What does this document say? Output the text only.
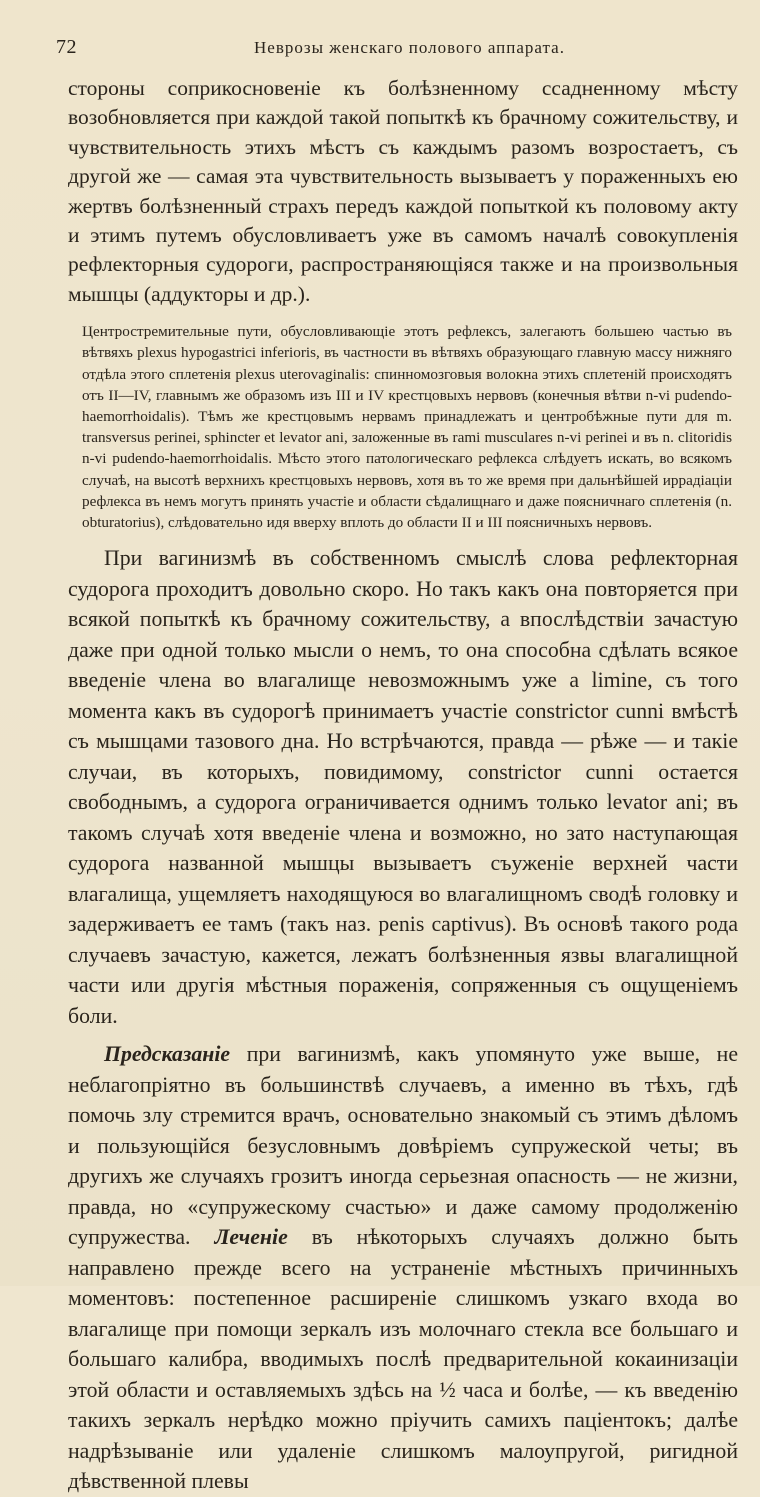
72	Неврозы женскаго полового аппарата.

стороны соприкосновеніе къ болѣзненному ссадненному мѣсту возобновляется при каждой такой попыткѣ къ брачному сожительству, и чувствительность этихъ мѣстъ съ каждымъ разомъ возростаетъ, съ другой же — самая эта чувствительность вызываетъ у пораженныхъ ею жертвъ болѣзненный страхъ передъ каждой попыткой къ половому акту и этимъ путемъ обусловливаетъ уже въ самомъ началѣ совокупленія рефлекторныя судороги, распространяющіяся также и на произвольныя мышцы (аддукторы и др.).

Центростремительные пути, обусловливающіе этотъ рефлексъ, залегаютъ большею частью въ вѣтвяхъ plexus hypogastrici inferioris, въ частности въ вѣтвяхъ образующаго главную массу нижняго отдѣла этого сплетенія plexus uterovaginalis: спинномозговыя волокна этихъ сплетеній происходятъ отъ II—IV, главнымъ же образомъ изъ III и IV крестцовыхъ нервовъ (конечныя вѣтви n-vi pudendo-haemorrhoidalis). Тѣмъ же крестцовымъ нервамъ принадлежатъ и центробѣжные пути для m. transversus perinei, sphincter et levator ani, заложенные въ rami musculares n-vi perinei и въ n. clitoridis n-vi pudendo-haemorrhoidalis. Мѣсто этого патологическаго рефлекса слѣдуетъ искать, во всякомъ случаѣ, на высотѣ верхнихъ крестцовыхъ нервовъ, хотя въ то же время при дальнѣйшей иррадіаціи рефлекса въ немъ могутъ принять участіе и области сѣдалищнаго и даже поясничнаго сплетенія (n. obturatorius), слѣдовательно идя вверху вплоть до области II и III поясничныхъ нервовъ.

При вагинизмѣ въ собственномъ смыслѣ слова рефлекторная судорога проходитъ довольно скоро. Но такъ какъ она повторяется при всякой попыткѣ къ брачному сожительству, а впослѣдствіи зачастую даже при одной только мысли о немъ, то она способна сдѣлать всякое введеніе члена во влагалище невозможнымъ уже a limine, съ того момента какъ въ судорогѣ принимаетъ участіе constrictor cunni вмѣстѣ съ мышцами тазового дна. Но встрѣчаются, правда — рѣже — и такіе случаи, въ которыхъ, повидимому, constrictor cunni остается свободнымъ, а судорога ограничивается однимъ только levator ani; въ такомъ случаѣ хотя введеніе члена и возможно, но зато наступающая судорога названной мышцы вызываетъ съуженіе верхней части влагалища, ущемляетъ находящуюся во влагалищномъ сводѣ головку и задерживаетъ ее тамъ (такъ наз. penis captivus). Въ основѣ такого рода случаевъ зачастую, кажется, лежатъ болѣзненныя язвы влагалищной части или другія мѣстныя пораженія, сопряженныя съ ощущеніемъ боли.

Предсказаніе при вагинизмѣ, какъ упомянуто уже выше, не неблагопріятно въ большинствѣ случаевъ, а именно въ тѣхъ, гдѣ помочь злу стремится врачъ, основательно знакомый съ этимъ дѣломъ и пользующійся безусловнымъ довѣріемъ супружеской четы; въ другихъ же случаяхъ грозитъ иногда серьезная опасность — не жизни, правда, но «супружескому счастью» и даже самому продолженію супружества. Леченіе въ нѣкоторыхъ случаяхъ должно быть направлено прежде всего на устраненіе мѣстныхъ причинныхъ моментовъ: постепенное расширеніе слишкомъ узкаго входа во влагалище при помощи зеркалъ изъ молочнаго стекла все большаго и большаго калибра, вводимыхъ послѣ предварительной кокаинизаціи этой области и оставляемыхъ здѣсь на ½ часа и болѣе, — къ введенію такихъ зеркалъ нерѣдко можно пріучить самихъ паціентокъ; далѣе надрѣзываніе или удаленіе слишкомъ малоупругой, ригидной дѣвственной плевы
